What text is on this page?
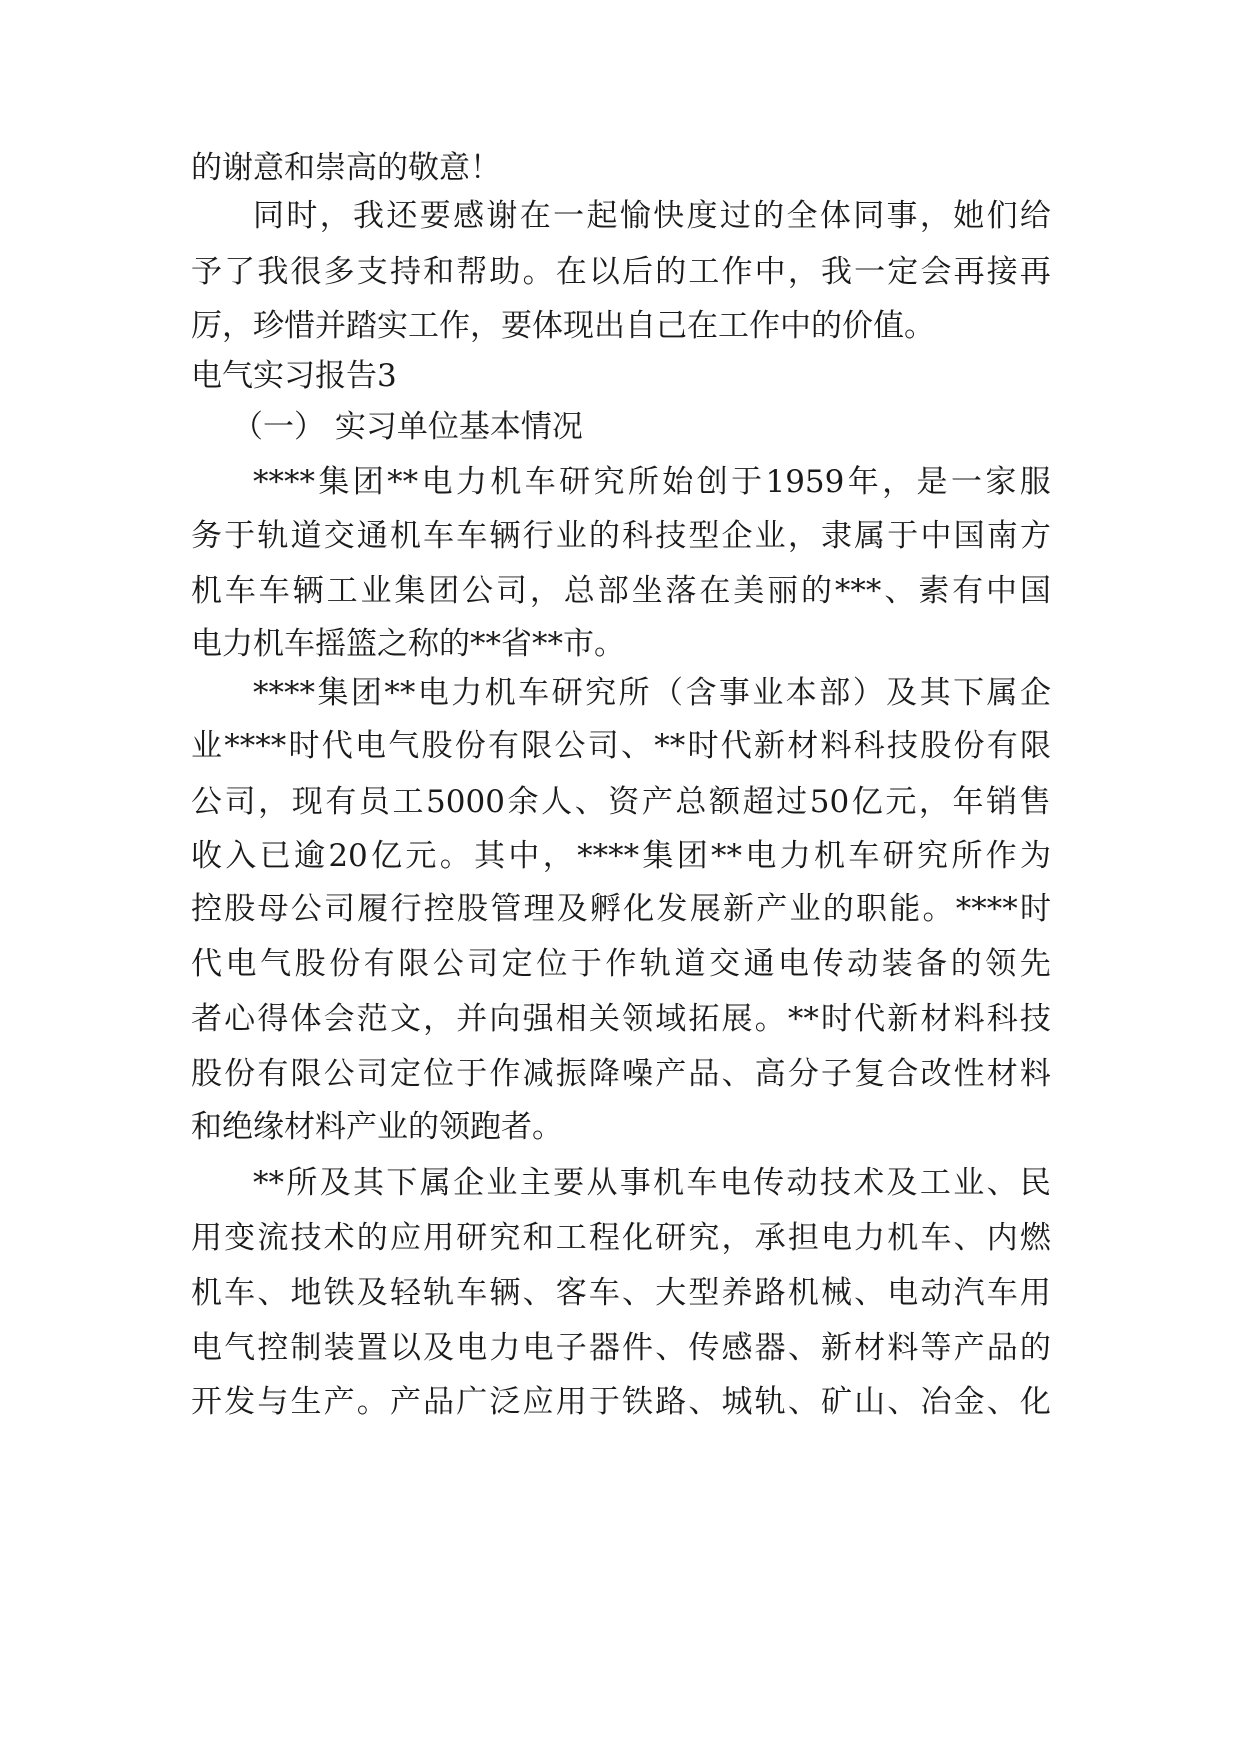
的谢意和崇高的敬意！
同 时 ， 我 还 要 感 谢 在 一 起 愉 快 度 过 的 全 体 同 事 ， 她 们 给
予 了 我 很 多 支 持 和 帮 助 。 在 以 后 的 工 作 中 ， 我 一 定 会 再 接 再
厉，珍惜并踏实工作，要体现出自己在工作中的价值。
电气实习报告3
（一） 实习单位基本情况
**** 集 团 ** 电 力 机 车 研 究 所 始 创 于 1959 年 ， 是 一 家 服
务 于 轨 道 交 通 机 车 车 辆 行 业 的 科 技 型 企 业 ， 隶 属 于 中 国 南 方
机 车 车 辆 工 业 集 团 公 司 ， 总 部 坐 落 在 美 丽 的 *** 、 素 有 中 国
电力机车摇篮之称的**省**市。
**** 集 团 ** 电 力 机 车 研 究 所 （ 含 事 业 本 部 ） 及 其 下 属 企
业 **** 时 代 电 气 股 份 有 限 公 司 、 ** 时 代 新 材 料 科 技 股 份 有 限
公 司 ， 现 有 员 工 5000 余 人 、 资 产 总 额 超 过 50 亿 元 ， 年 销 售
收 入 已 逾 20 亿 元 。 其 中 ， **** 集 团 ** 电 力 机 车 研 究 所 作 为
控 股 母 公 司 履 行 控 股 管 理 及 孵 化 发 展 新 产 业 的 职 能 。 **** 时
代 电 气 股 份 有 限 公 司 定 位 于 作 轨 道 交 通 电 传 动 装 备 的 领 先
者 心 得 体 会 范 文 ， 并 向 强 相 关 领 域 拓 展 。 ** 时 代 新 材 料 科 技
股 份 有 限 公 司 定 位 于 作 减 振 降 噪 产 品 、 高 分 子 复 合 改 性 材 料
和绝缘材料产业的领跑者。
** 所 及 其 下 属 企 业 主 要 从 事 机 车 电 传 动 技 术 及 工 业 、 民
用 变 流 技 术 的 应 用 研 究 和 工 程 化 研 究 ， 承 担 电 力 机 车 、 内 燃
机 车 、 地 铁 及 轻 轨 车 辆 、 客 车 、 大 型 养 路 机 械 、 电 动 汽 车 用
电 气 控 制 装 置 以 及 电 力 电 子 器 件 、 传 感 器 、 新 材 料 等 产 品 的
开 发 与 生 产 。 产 品 广 泛 应 用 于 铁 路 、 城 轨 、 矿 山 、 冶 金 、 化
